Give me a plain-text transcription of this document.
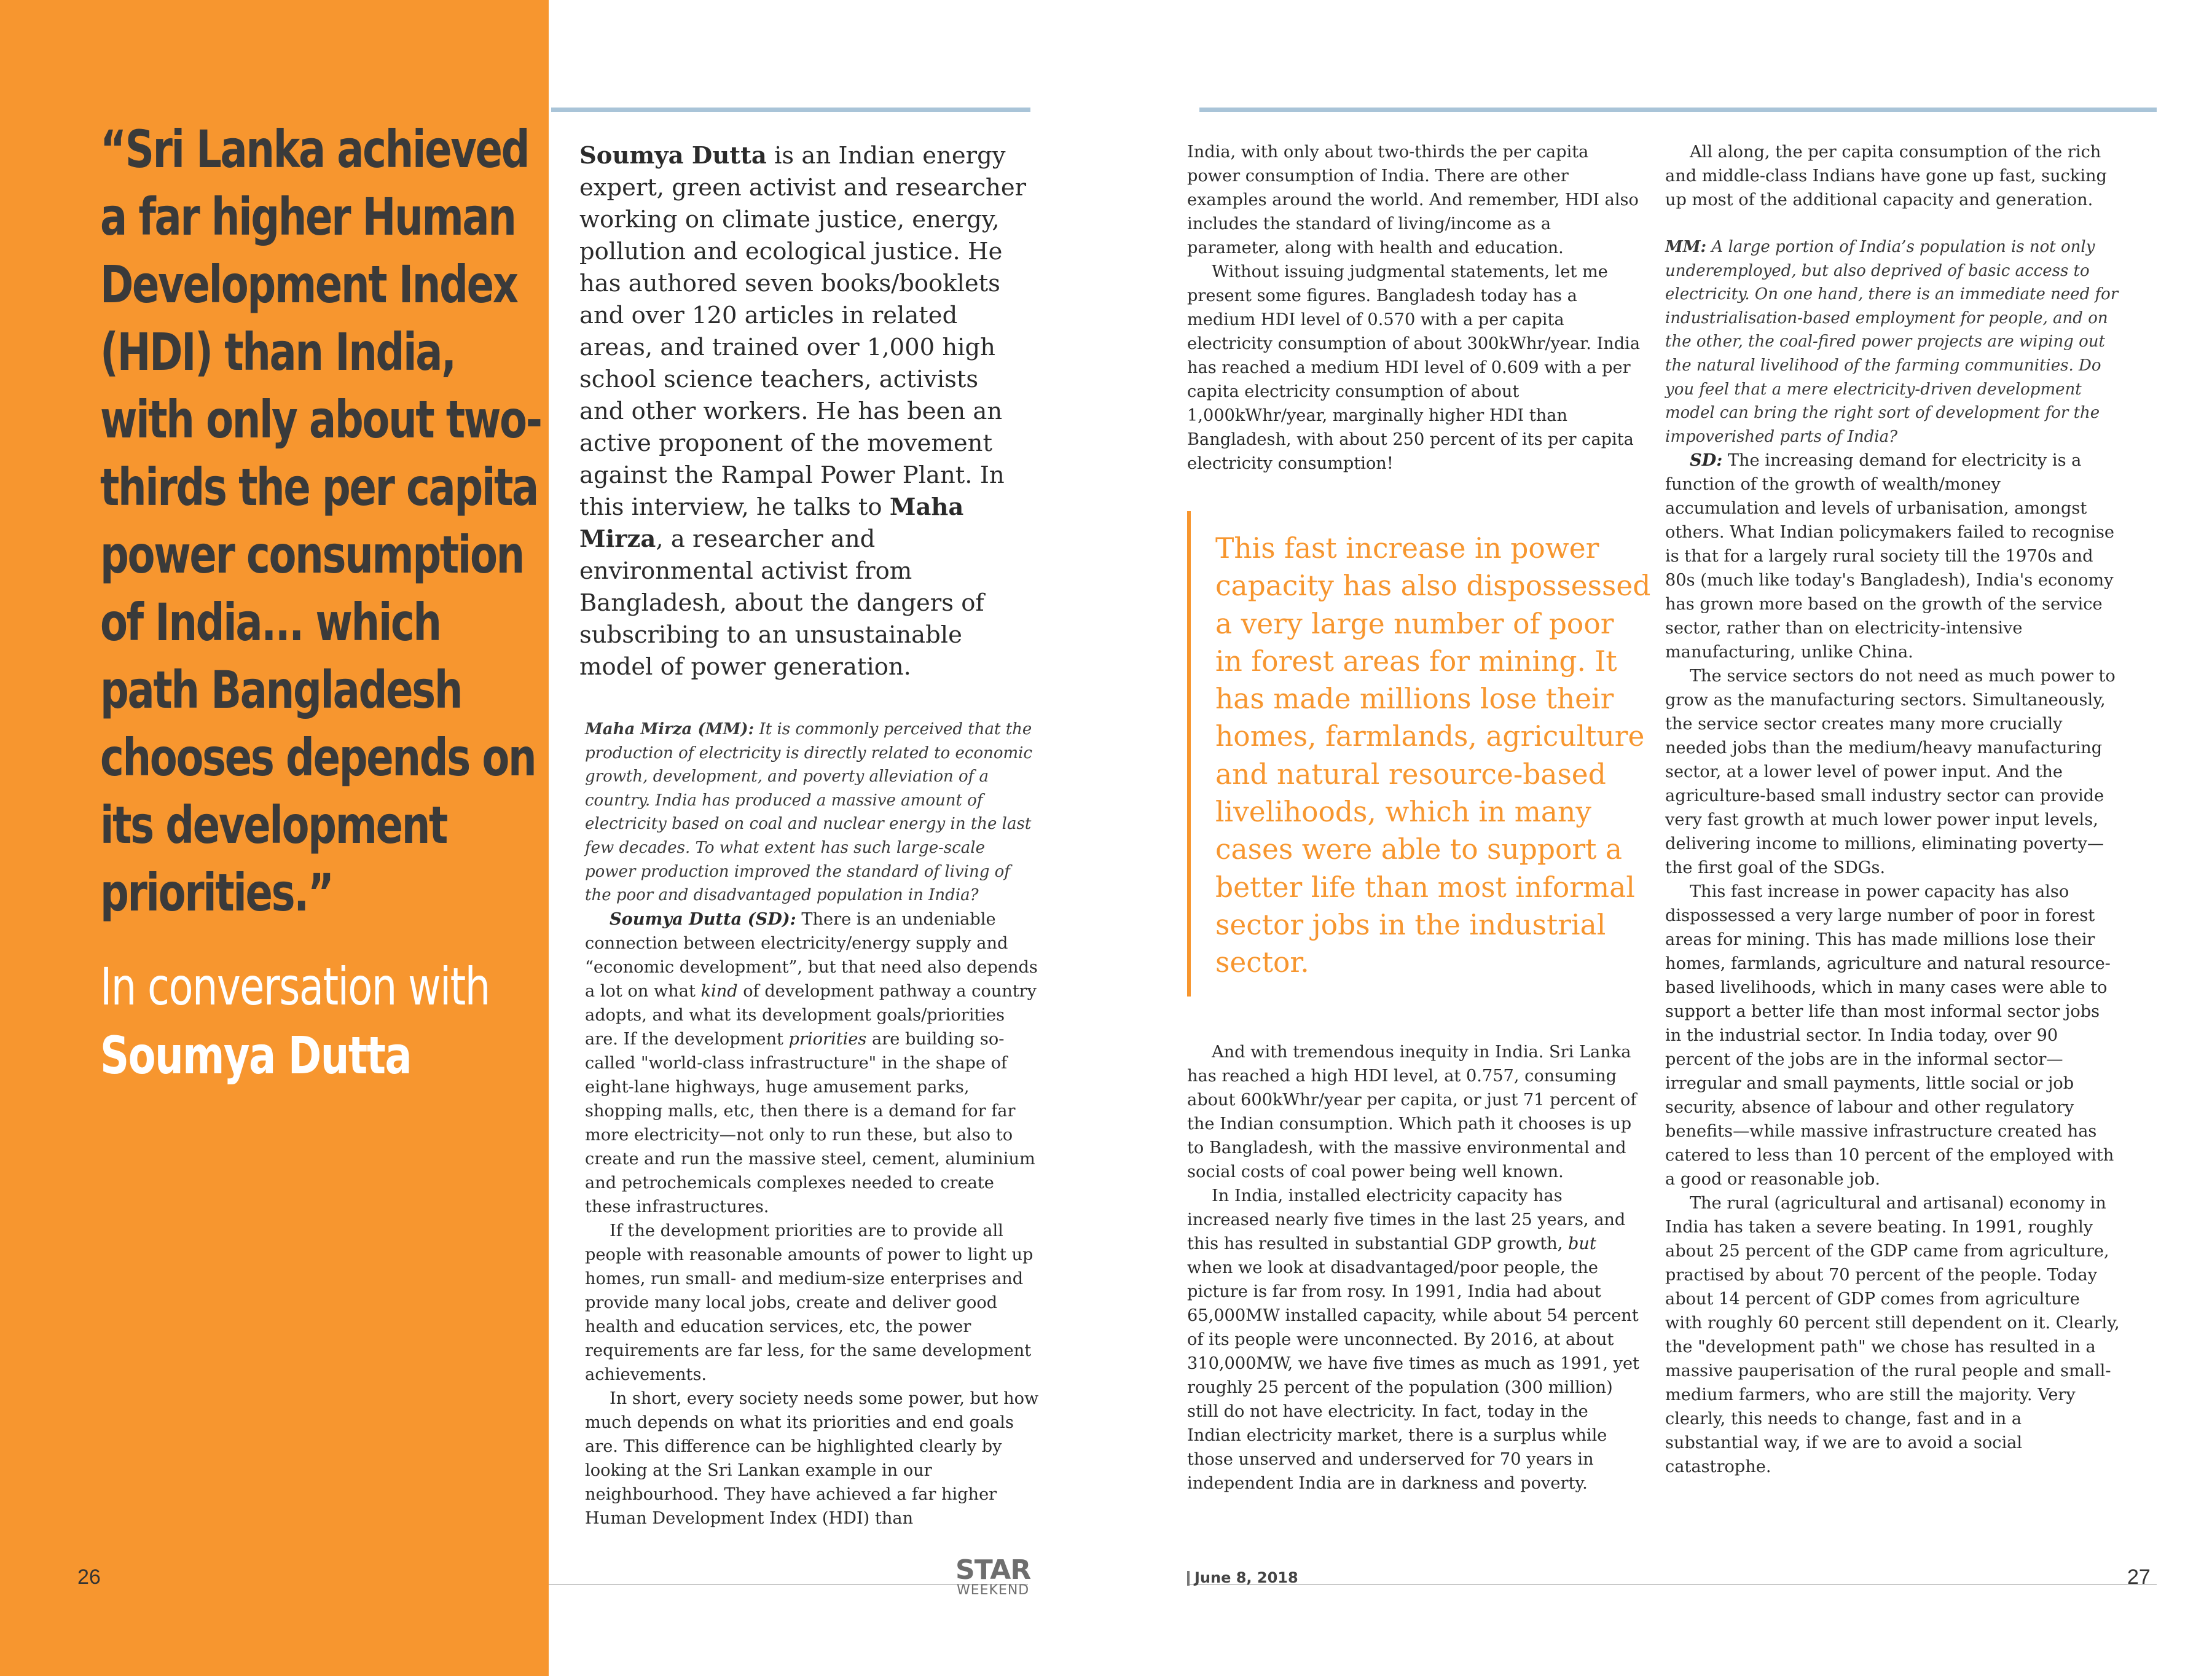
“Sri Lanka achieved
a far higher Human
Development Index
(HDI) than India,
with only about two-
thirds the per capita
power consumption
of India... which
path Bangladesh
chooses depends on
its development
priorities.”
In conversation with
Soumya Dutta
26

Soumya Dutta is an Indian energy expert, green activist and researcher working on climate justice, energy, pollution and ecological justice. He has authored seven books/booklets and over 120 articles in related areas, and trained over 1,000 high school science teachers, activists and other workers. He has been an active proponent of the movement against the Rampal Power Plant. In this interview, he talks to Maha Mirza, a researcher and environmental activist from Bangladesh, about the dangers of subscribing to an unsustainable model of power generation.

Maha Mirza (MM): It is commonly perceived that the production of electricity is directly related to economic growth, development, and poverty alleviation of a country. India has produced a massive amount of electricity based on coal and nuclear energy in the last few decades. To what extent has such large-scale power production improved the standard of living of the poor and disadvantaged population in India?

Soumya Dutta (SD): There is an undeniable connection between electricity/energy supply and “economic development”, but that need also depends a lot on what kind of development pathway a country adopts, and what its development goals/priorities are. If the development priorities are building so-called "world-class infrastructure" in the shape of eight-lane highways, huge amusement parks, shopping malls, etc, then there is a demand for far more electricity—not only to run these, but also to create and run the massive steel, cement, aluminium and petrochemicals complexes needed to create these infrastructures.

If the development priorities are to provide all people with reasonable amounts of power to light up homes, run small- and medium-size enterprises and provide many local jobs, create and deliver good health and education services, etc, the power requirements are far less, for the same development achievements.

In short, every society needs some power, but how much depends on what its priorities and end goals are. This difference can be highlighted clearly by looking at the Sri Lankan example in our neighbourhood. They have achieved a far higher Human Development Index (HDI) than

India, with only about two-thirds the per capita power consumption of India. There are other examples around the world. And remember, HDI also includes the standard of living/income as a parameter, along with health and education.

Without issuing judgmental statements, let me present some figures. Bangladesh today has a medium HDI level of 0.570 with a per capita electricity consumption of about 300kWhr/year. India has reached a medium HDI level of 0.609 with a per capita electricity consumption of about 1,000kWhr/year, marginally higher HDI than Bangladesh, with about 250 percent of its per capita electricity consumption!

This fast increase in power
capacity has also dispossessed
a very large number of poor
in forest areas for mining. It
has made millions lose their
homes, farmlands, agriculture
and natural resource-based
livelihoods, which in many
cases were able to support a
better life than most informal
sector jobs in the industrial
sector.

And with tremendous inequity in India. Sri Lanka has reached a high HDI level, at 0.757, consuming about 600kWhr/year per capita, or just 71 percent of the Indian consumption. Which path it chooses is up to Bangladesh, with the massive environmental and social costs of coal power being well known.

In India, installed electricity capacity has increased nearly five times in the last 25 years, and this has resulted in substantial GDP growth, but when we look at disadvantaged/poor people, the picture is far from rosy. In 1991, India had about 65,000MW installed capacity, while about 54 percent of its people were unconnected. By 2016, at about 310,000MW, we have five times as much as 1991, yet roughly 25 percent of the population (300 million) still do not have electricity. In fact, today in the Indian electricity market, there is a surplus while those unserved and underserved for 70 years in independent India are in darkness and poverty.

All along, the per capita consumption of the rich and middle-class Indians have gone up fast, sucking up most of the additional capacity and generation.

MM: A large portion of India’s population is not only underemployed, but also deprived of basic access to electricity. On one hand, there is an immediate need for industrialisation-based employment for people, and on the other, the coal-fired power projects are wiping out the natural livelihood of the farming communities. Do you feel that a mere electricity-driven development model can bring the right sort of development for the impoverished parts of India?

SD: The increasing demand for electricity is a function of the growth of wealth/money accumulation and levels of urbanisation, amongst others. What Indian policymakers failed to recognise is that for a largely rural society till the 1970s and 80s (much like today's Bangladesh), India's economy has grown more based on the growth of the service sector, rather than on electricity-intensive manufacturing, unlike China.

The service sectors do not need as much power to grow as the manufacturing sectors. Simultaneously, the service sector creates many more crucially needed jobs than the medium/heavy manufacturing sector, at a lower level of power input. And the agriculture-based small industry sector can provide very fast growth at much lower power input levels, delivering income to millions, eliminating poverty—the first goal of the SDGs.

This fast increase in power capacity has also dispossessed a very large number of poor in forest areas for mining. This has made millions lose their homes, farmlands, agriculture and natural resource-based livelihoods, which in many cases were able to support a better life than most informal sector jobs in the industrial sector. In India today, over 90 percent of the jobs are in the informal sector—irregular and small payments, little social or job security, absence of labour and other regulatory benefits—while massive infrastructure created has catered to less than 10 percent of the employed with a good or reasonable job.

The rural (agricultural and artisanal) economy in India has taken a severe beating. In 1991, roughly about 25 percent of the GDP came from agriculture, practised by about 70 percent of the people. Today about 14 percent of GDP comes from agriculture with roughly 60 percent still dependent on it. Clearly, the "development path" we chose has resulted in a massive pauperisation of the rural people and small-medium farmers, who are still the majority. Very clearly, this needs to change, fast and in a substantial way, if we are to avoid a social catastrophe.

STAR
WEEKEND
June 8, 2018	27
